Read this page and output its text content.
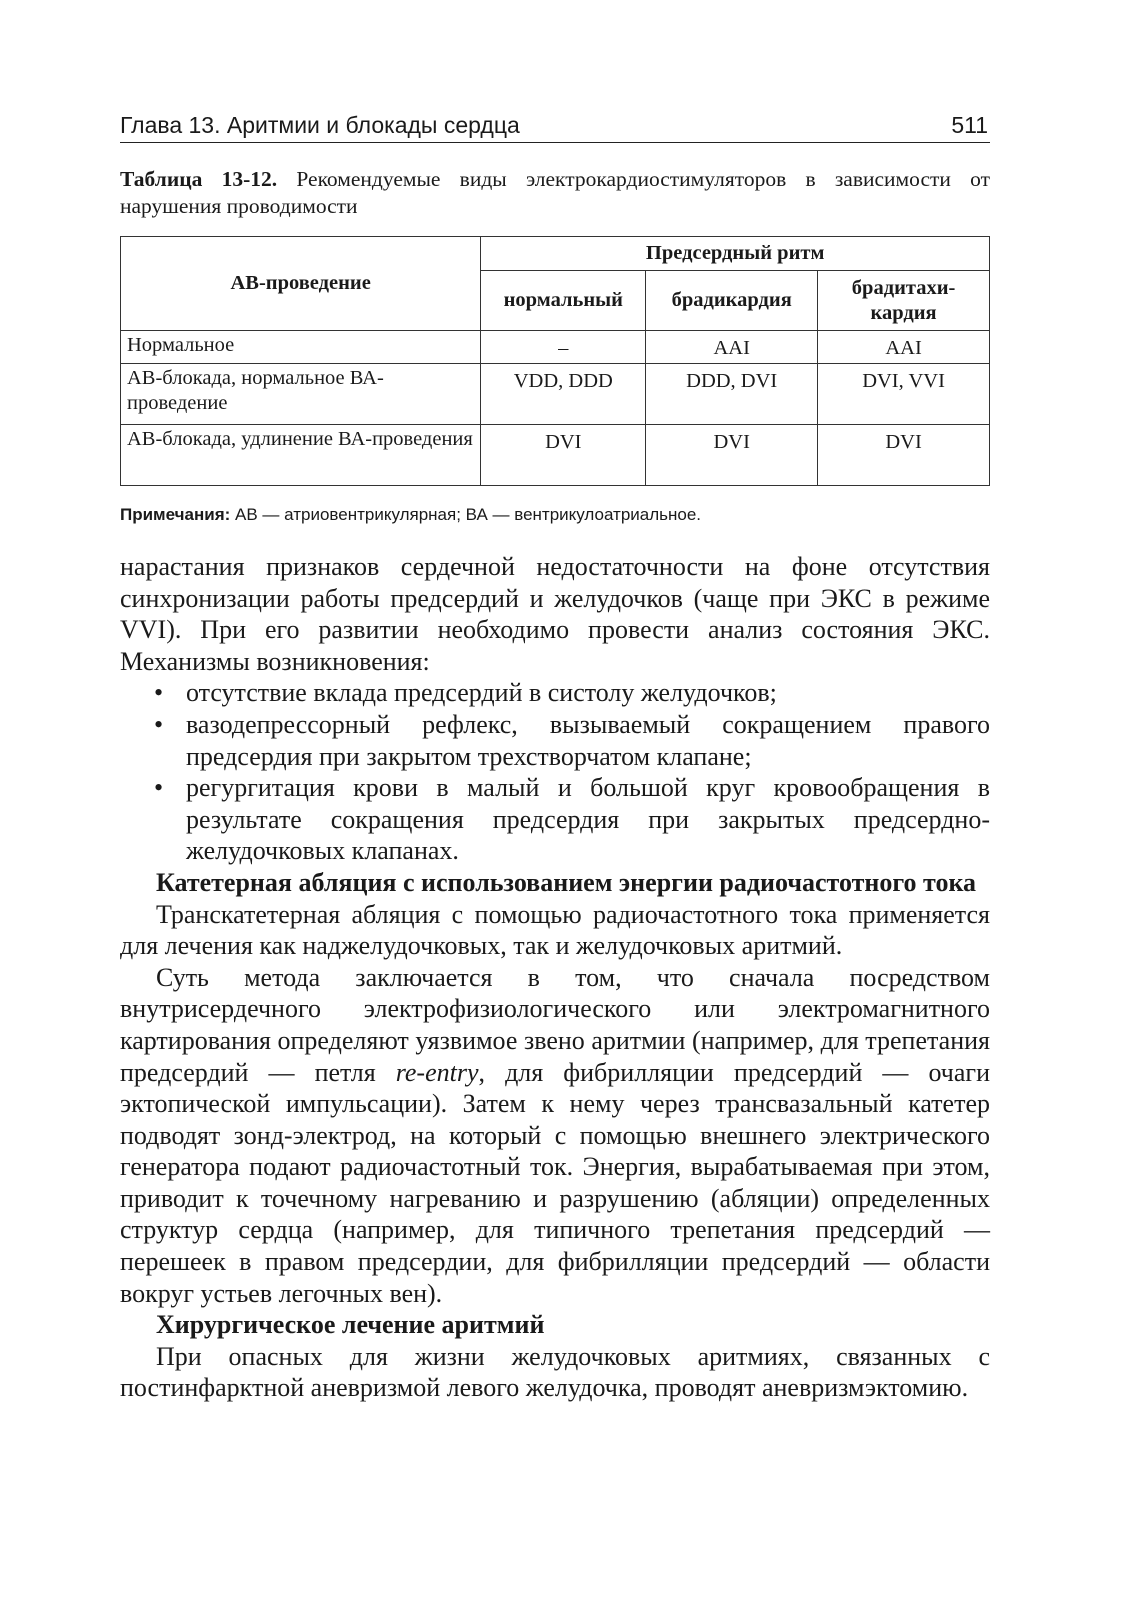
Глава 13. Аритмии и блокады сердца	511
Таблица 13-12. Рекомендуемые виды электрокардиостимуляторов в зависимости от нарушения проводимости
АВ-проведение	Предсердный ритм		
	нормальный	брадикардия	брадитахи-кардия
Нормальное	–	AAI	AAI
АВ-блокада, нормальное ВА-проведение	VDD, DDD	DDD, DVI	DVI, VVI
АВ-блокада, удлинение ВА-проведения	DVI	DVI	DVI
Примечания: АВ — атриовентрикулярная; ВА — вентрикулоатриальное.

нарастания признаков сердечной недостаточности на фоне отсутствия синхронизации работы предсердий и желудочков (чаще при ЭКС в режиме VVI). При его развитии необходимо провести анализ состояния ЭКС. Механизмы возникновения:

• отсутствие вклада предсердий в систолу желудочков;
• вазодепрессорный рефлекс, вызываемый сокращением правого предсердия при закрытом трехстворчатом клапане;
• регургитация крови в малый и большой круг кровообращения в результате сокращения предсердия при закрытых предсердно-желудочковых клапанах.
Катетерная абляция с использованием энергии радиочастотного тока

Транскатетерная абляция с помощью радиочастотного тока применяется для лечения как наджелудочковых, так и желудочковых аритмий.

Суть метода заключается в том, что сначала посредством внутрисердечного электрофизиологического или электромагнитного картирования определяют уязвимое звено аритмии (например, для трепетания предсердий — петля re-entry, для фибрилляции предсердий — очаги эктопической импульсации). Затем к нему через трансвазальный катетер подводят зонд-электрод, на который с помощью внешнего электрического генератора подают радиочастотный ток. Энергия, вырабатываемая при этом, приводит к точечному нагреванию и разрушению (абляции) определенных структур сердца (например, для типичного трепетания предсердий — перешеек в правом предсердии, для фибрилляции предсердий — области вокруг устьев легочных вен).

Хирургическое лечение аритмий

При опасных для жизни желудочковых аритмиях, связанных с постинфарктной аневризмой левого желудочка, проводят аневризмэктомию.
